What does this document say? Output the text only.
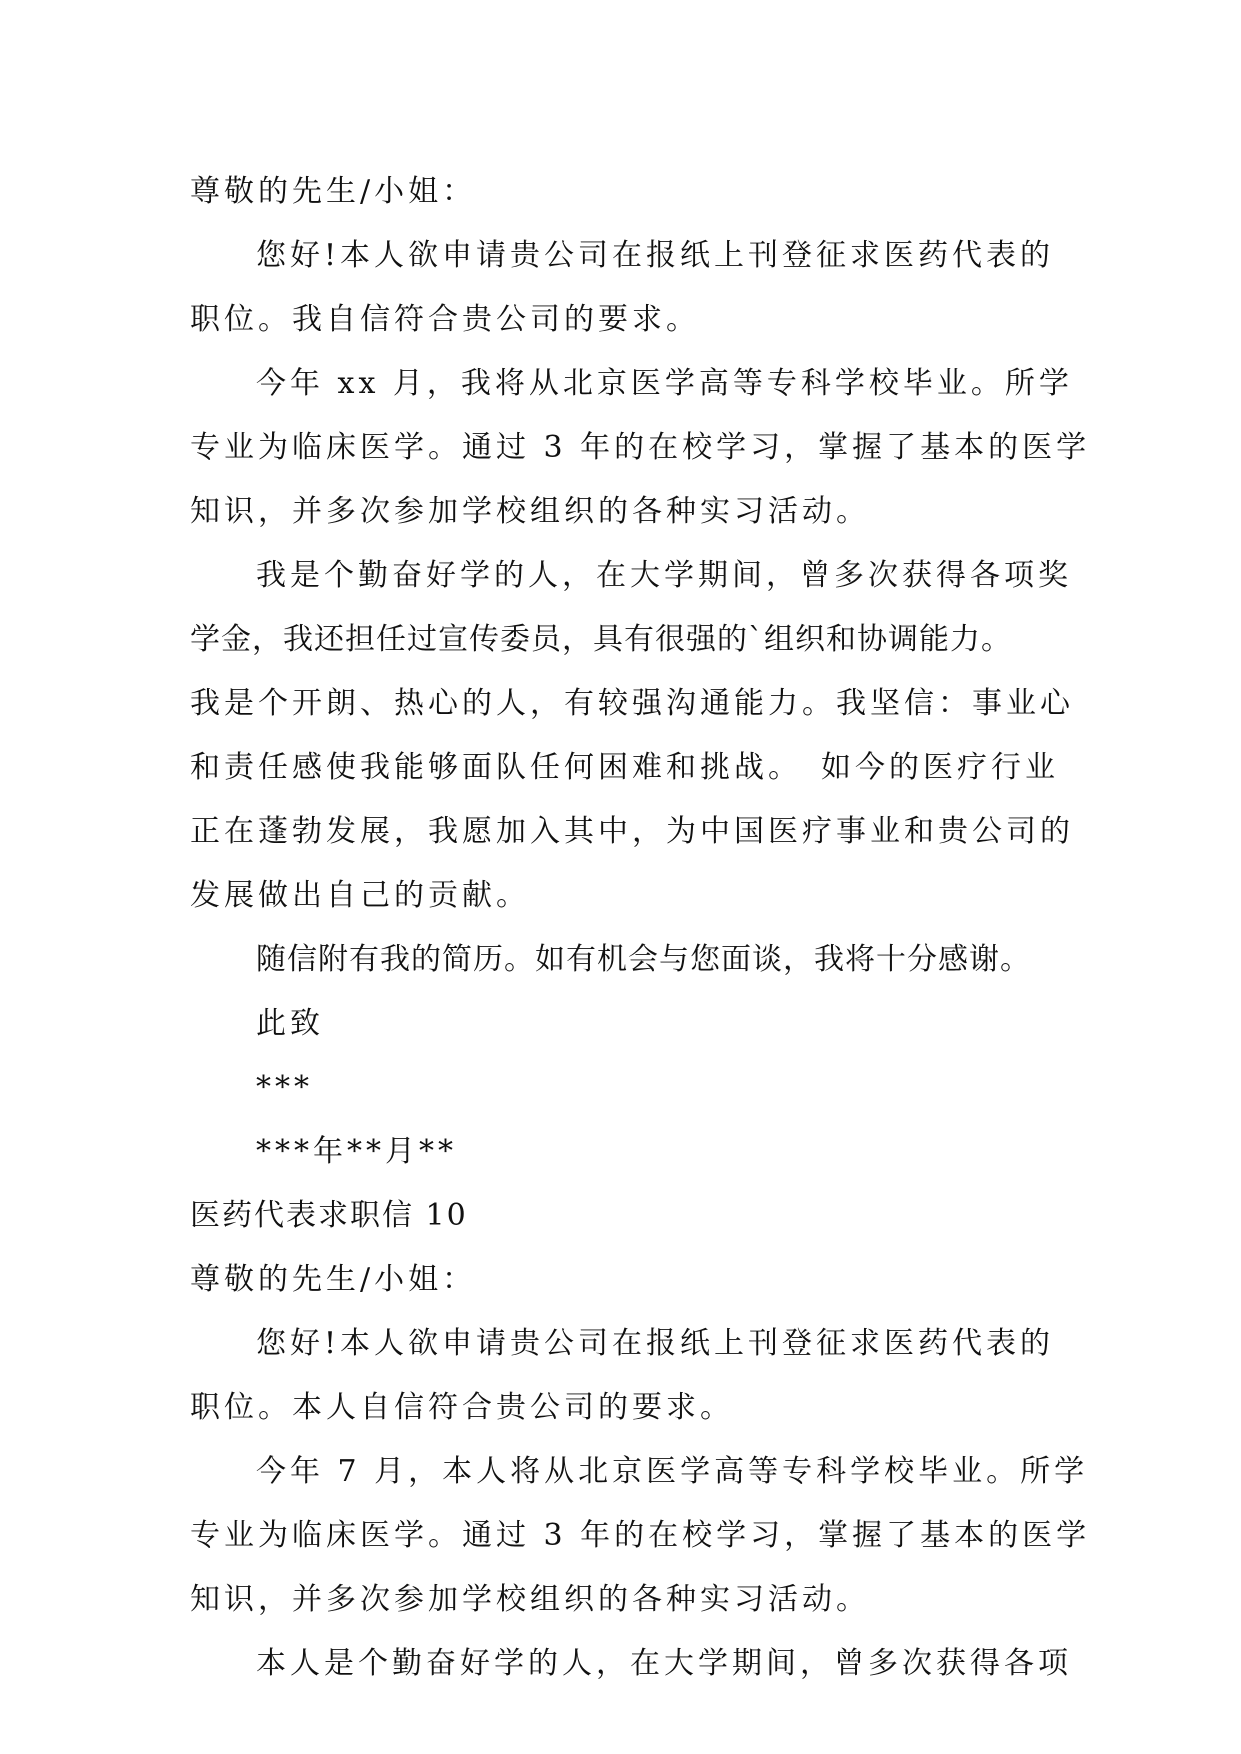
尊敬的先生/小姐：
您好!本人欲申请贵公司在报纸上刊登征求医药代表的
职位。我自信符合贵公司的要求。
今年 xx 月，我将从北京医学高等专科学校毕业。所学
专业为临床医学。通过 3 年的在校学习，掌握了基本的医学
知识，并多次参加学校组织的各种实习活动。
我是个勤奋好学的人，在大学期间，曾多次获得各项奖
学金，我还担任过宣传委员，具有很强的`组织和协调能力。
我是个开朗、热心的人，有较强沟通能力。我坚信：事业心
和责任感使我能够面队任何困难和挑战。　如今的医疗行业
正在蓬勃发展，我愿加入其中，为中国医疗事业和贵公司的
发展做出自己的贡献。
随信附有我的简历。如有机会与您面谈，我将十分感谢。
此致
***
***年**月**
医药代表求职信 10
尊敬的先生/小姐：
您好!本人欲申请贵公司在报纸上刊登征求医药代表的
职位。本人自信符合贵公司的要求。
今年 7 月，本人将从北京医学高等专科学校毕业。所学
专业为临床医学。通过 3 年的在校学习，掌握了基本的医学
知识，并多次参加学校组织的各种实习活动。
本人是个勤奋好学的人，在大学期间，曾多次获得各项
